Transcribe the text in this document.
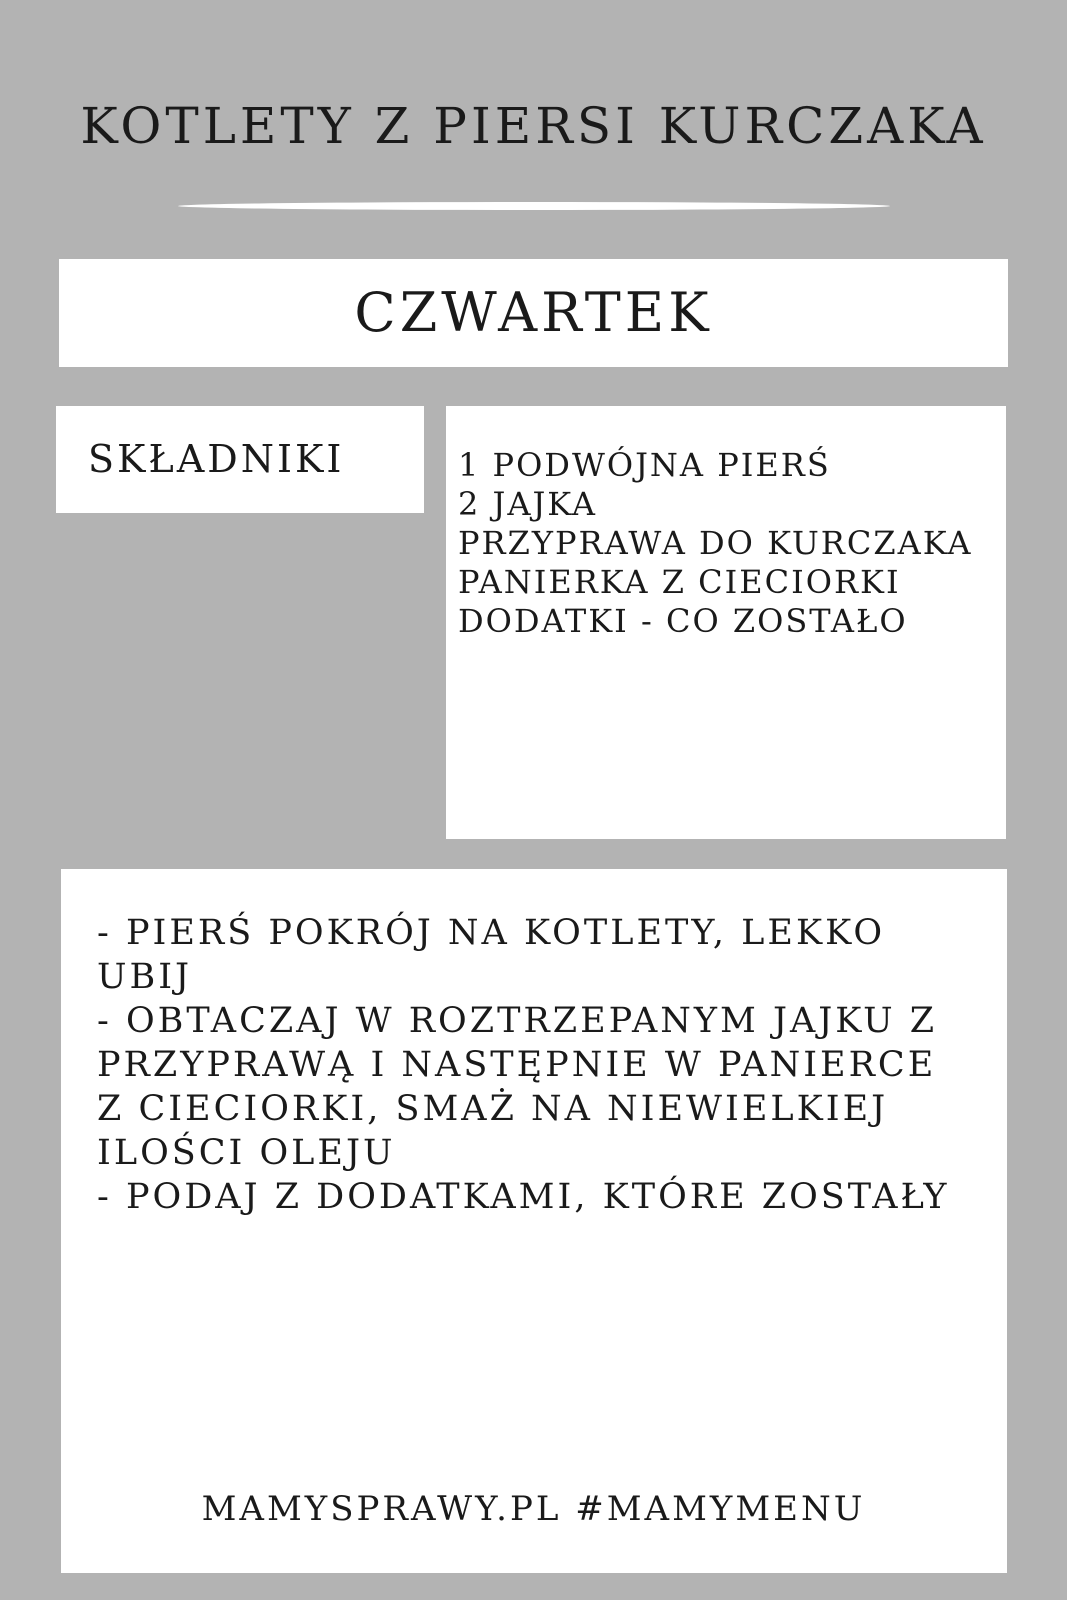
KOTLETY Z PIERSI KURCZAKA
CZWARTEK
SKŁADNIKI	1 PODWÓJNA PIERŚ
2 JAJKA
PRZYPRAWA DO KURCZAKA
PANIERKA Z CIECIORKI
DODATKI - CO ZOSTAŁO
- PIERŚ POKRÓJ NA KOTLETY, LEKKO UBIJ
- OBTACZAJ W ROZTRZEPANYM JAJKU Z PRZYPRAWĄ I NASTĘPNIE W PANIERCE Z CIECIORKI, SMAŻ NA NIEWIELKIEJ ILOŚCI OLEJU
- PODAJ Z DODATKAMI, KTÓRE ZOSTAŁY
MAMYSPRAWY.PL #MAMYMENU
